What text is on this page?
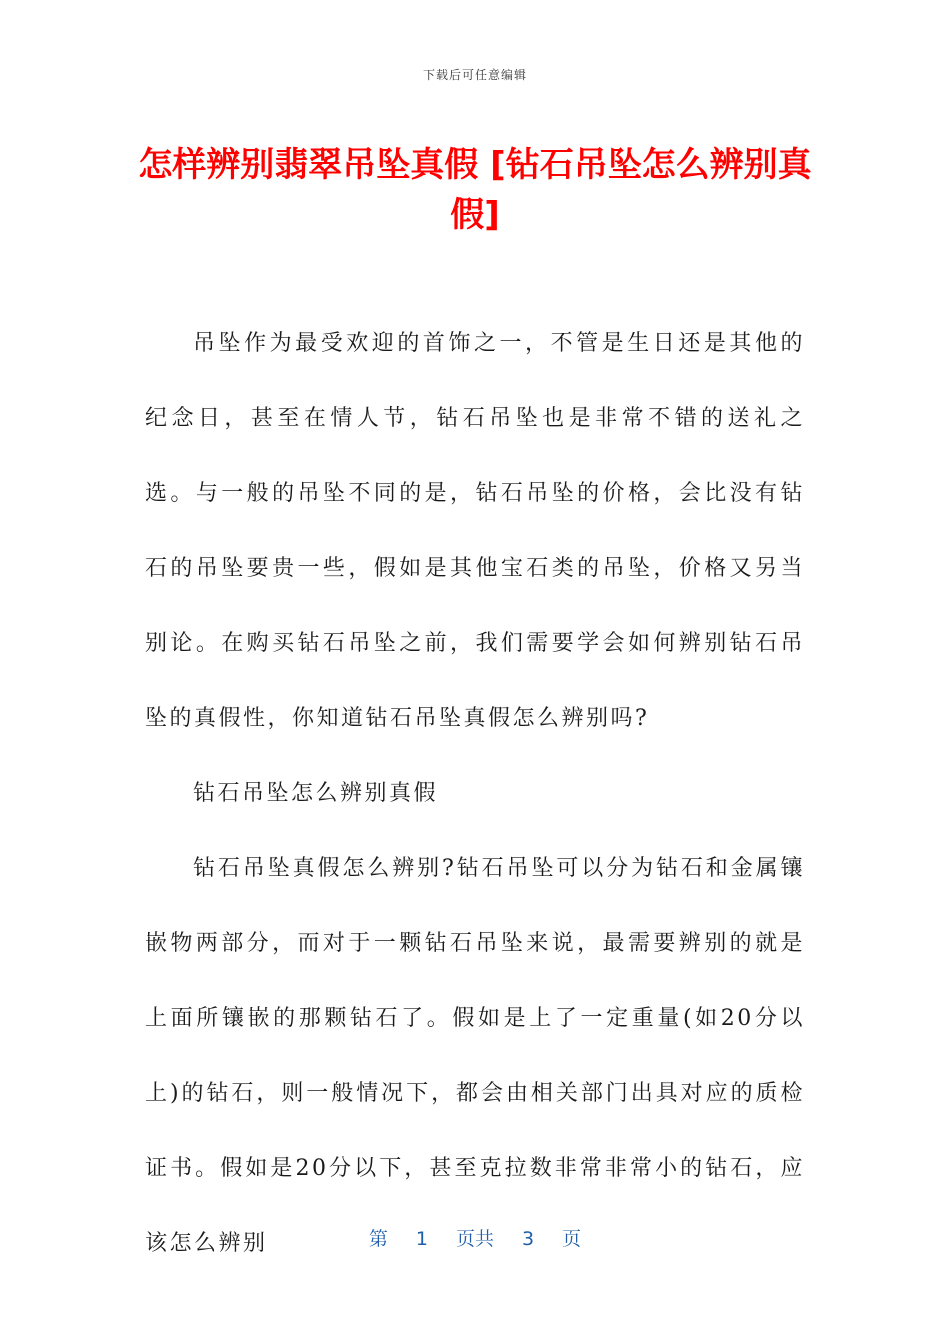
下载后可任意编辑
怎样辨别翡翠吊坠真假 [钻石吊坠怎么辨别真假]

吊坠作为最受欢迎的首饰之一，不管是生日还是其他的纪念日，甚至在情人节，钻石吊坠也是非常不错的送礼之选。与一般的吊坠不同的是，钻石吊坠的价格，会比没有钻石的吊坠要贵一些，假如是其他宝石类的吊坠，价格又另当别论。在购买钻石吊坠之前，我们需要学会如何辨别钻石吊坠的真假性，你知道钻石吊坠真假怎么辨别吗?

钻石吊坠怎么辨别真假

钻石吊坠真假怎么辨别?钻石吊坠可以分为钻石和金属镶嵌物两部分，而对于一颗钻石吊坠来说，最需要辨别的就是上面所镶嵌的那颗钻石了。假如是上了一定重量(如20分以上)的钻石，则一般情况下，都会由相关部门出具对应的质检证书。假如是20分以下，甚至克拉数非常非常小的钻石，应该怎么辨别	第 1 页共 3 页
